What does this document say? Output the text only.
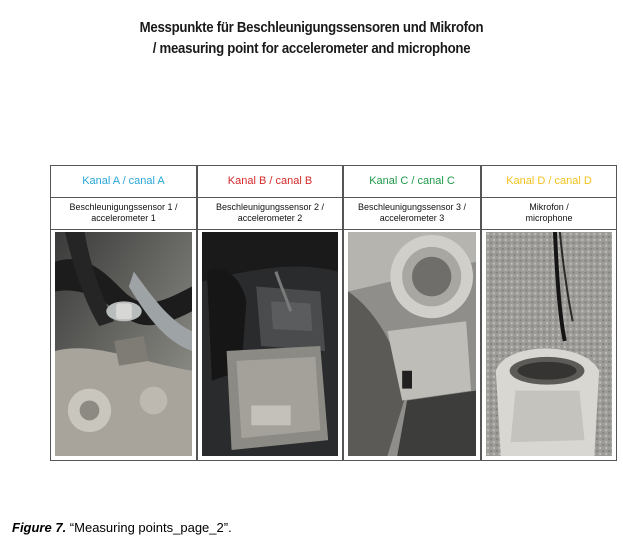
Messpunkte für Beschleunigungssensoren und Mikrofon
/ measuring point for accelerometer and microphone
Kanal A / canal A
Beschleunigungssensor 1 /
accelerometer 1
Kanal B / canal B
Beschleunigungssensor 2 /
accelerometer 2
Kanal C / canal C
Beschleunigungssensor 3 /
accelerometer 3
Kanal D / canal D
Mikrofon /
microphone
Figure 7. “Measuring points_page_2”.
